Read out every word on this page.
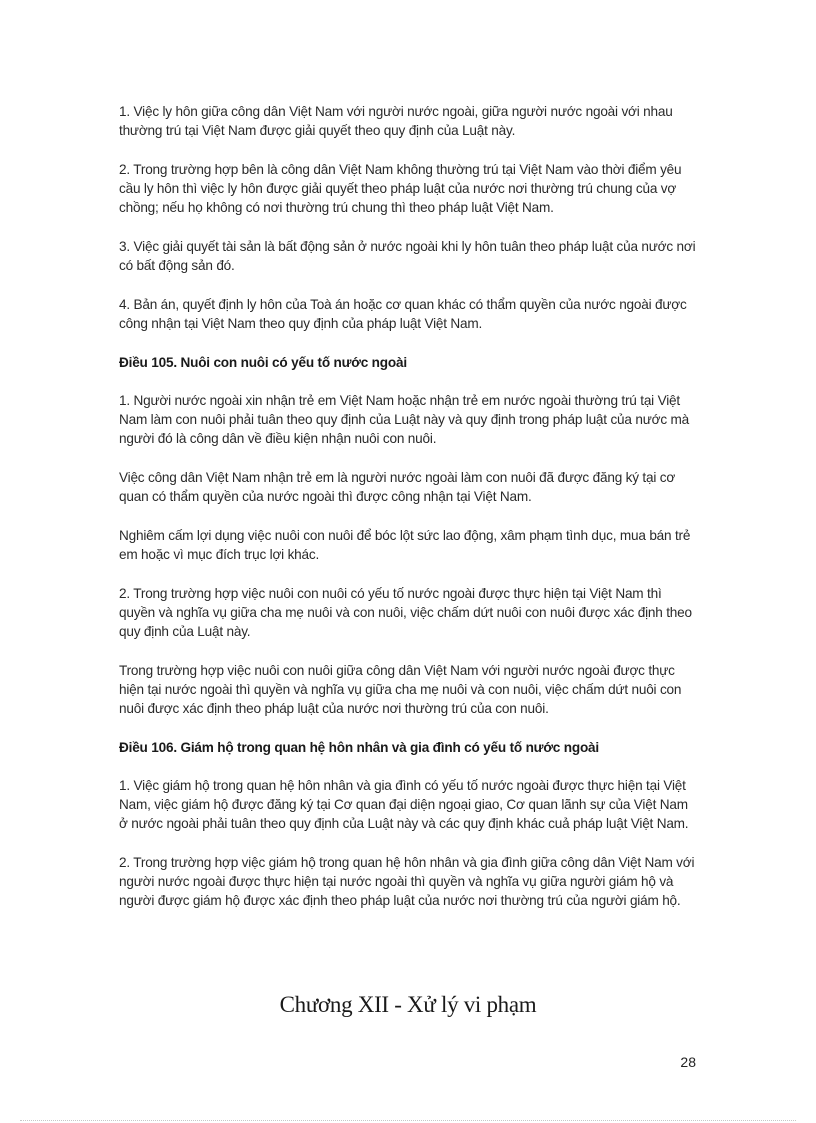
1. Việc ly hôn giữa công dân Việt Nam với người nước ngoài, giữa người nước ngoài với nhau thường trú tại Việt Nam được giải quyết theo quy định của Luật này.

2. Trong trường hợp bên là công dân Việt Nam không thường trú tại Việt Nam vào thời điểm yêu cầu ly hôn thì việc ly hôn được giải quyết theo pháp luật của nước nơi thường trú chung của vợ chồng; nếu họ không có nơi thường trú chung thì theo pháp luật Việt Nam.

3. Việc giải quyết tài sản là bất động sản ở nước ngoài khi ly hôn tuân theo pháp luật của nước nơi có bất động sản đó.

4. Bản án, quyết định ly hôn của Toà án hoặc cơ quan khác có thẩm quyền của nước ngoài được công nhận tại Việt Nam theo quy định của pháp luật Việt Nam.

Điều 105. Nuôi con nuôi có yếu tố nước ngoài

1. Người nước ngoài xin nhận trẻ em Việt Nam hoặc nhận trẻ em nước ngoài thường trú tại Việt Nam làm con nuôi phải tuân theo quy định của Luật này và quy định trong pháp luật của nước mà người đó là công dân về điều kiện nhận nuôi con nuôi.

Việc công dân Việt Nam nhận trẻ em là người nước ngoài làm con nuôi đã được đăng ký tại cơ quan có thẩm quyền của nước ngoài thì được công nhận tại Việt Nam.

Nghiêm cấm lợi dụng việc nuôi con nuôi để bóc lột sức lao động, xâm phạm tình dục, mua bán trẻ em hoặc vì mục đích trục lợi khác.

2. Trong trường hợp việc nuôi con nuôi có yếu tố nước ngoài được thực hiện tại Việt Nam thì quyền và nghĩa vụ giữa cha mẹ nuôi và con nuôi, việc chấm dứt nuôi con nuôi được xác định theo quy định của Luật này.

Trong trường hợp việc nuôi con nuôi giữa công dân Việt Nam với người nước ngoài được thực hiện tại nước ngoài thì quyền và nghĩa vụ giữa cha mẹ nuôi và con nuôi, việc chấm dứt nuôi con nuôi được xác định theo pháp luật của nước nơi thường trú của con nuôi.

Điều 106. Giám hộ trong quan hệ hôn nhân và gia đình có yếu tố nước ngoài

1. Việc giám hộ trong quan hệ hôn nhân và gia đình có yếu tố nước ngoài được thực hiện tại Việt Nam, việc giám hộ được đăng ký tại Cơ quan đại diện ngoại giao, Cơ quan lãnh sự của Việt Nam ở nước ngoài phải tuân theo quy định của Luật này và các quy định khác cuả pháp luật Việt Nam.

2. Trong trường hợp việc giám hộ trong quan hệ hôn nhân và gia đình giữa công dân Việt Nam với người nước ngoài được thực hiện tại nước ngoài thì quyền và nghĩa vụ giữa người giám hộ và người được giám hộ được xác định theo pháp luật của nước nơi thường trú của người giám hộ.

Chương XII - Xử lý vi phạm
28
